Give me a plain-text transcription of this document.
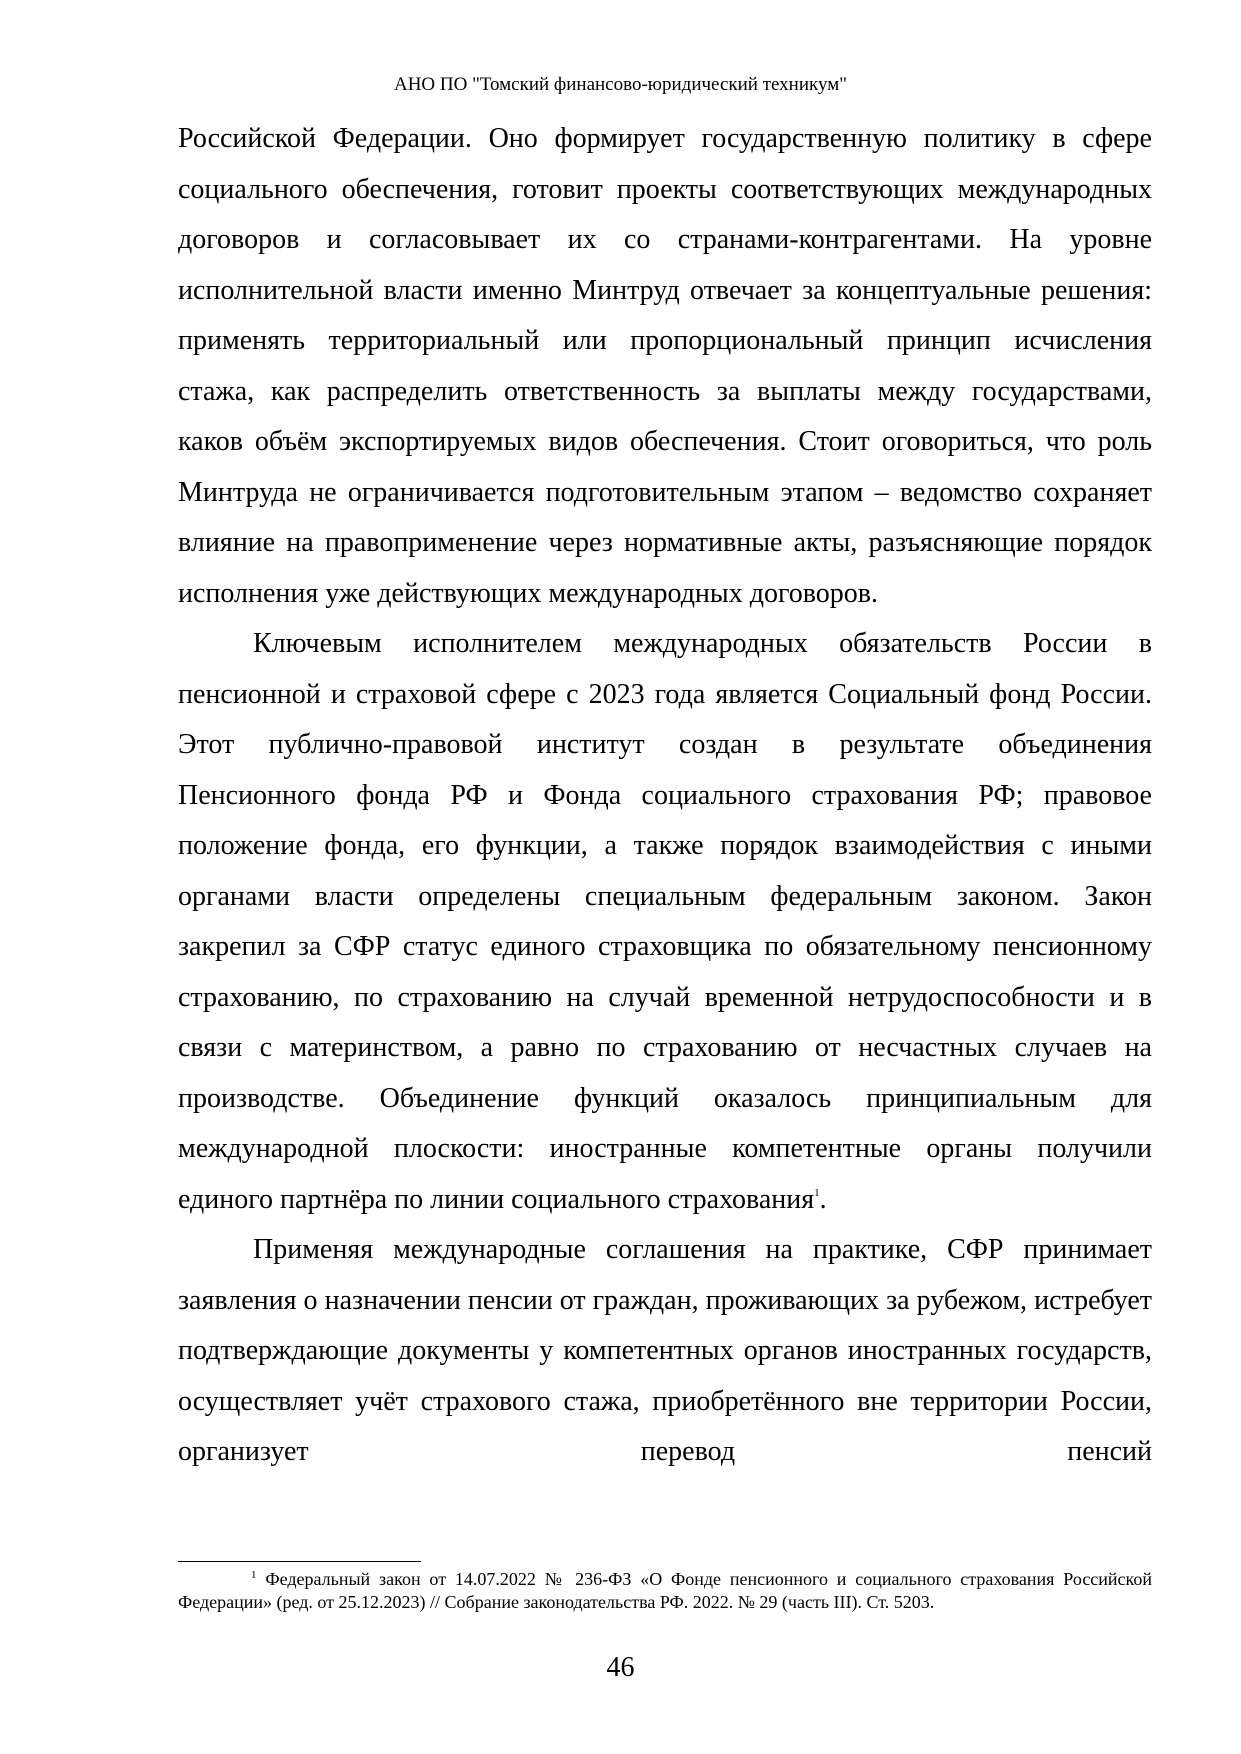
АНО ПО "Томский финансово-юридический техникум"

Российской Федерации. Оно формирует государственную политику в сфере социального обеспечения, готовит проекты соответствующих международных договоров и согласовывает их со странами-контрагентами. На уровне исполнительной власти именно Минтруд отвечает за концептуальные решения: применять территориальный или пропорциональный принцип исчисления стажа, как распределить ответственность за выплаты между государствами, каков объём экспортируемых видов обеспечения. Стоит оговориться, что роль Минтруда не ограничивается подготовительным этапом – ведомство сохраняет влияние на правоприменение через нормативные акты, разъясняющие порядок исполнения уже действующих международных договоров.

Ключевым исполнителем международных обязательств России в пенсионной и страховой сфере с 2023 года является Социальный фонд России. Этот публично-правовой институт создан в результате объединения Пенсионного фонда РФ и Фонда социального страхования РФ; правовое положение фонда, его функции, а также порядок взаимодействия с иными органами власти определены специальным федеральным законом. Закон закрепил за СФР статус единого страховщика по обязательному пенсионному страхованию, по страхованию на случай временной нетрудоспособности и в связи с материнством, а равно по страхованию от несчастных случаев на производстве. Объединение функций оказалось принципиальным для международной плоскости: иностранные компетентные органы получили единого партнёра по линии социального страхования$^1$.

Применяя международные соглашения на практике, СФР принимает заявления о назначении пенсии от граждан, проживающих за рубежом, истребует подтверждающие документы у компетентных органов иностранных государств, осуществляет учёт страхового стажа, приобретённого вне территории России, организует перевод пенсий

$^1$ Федеральный закон от 14.07.2022 № 236-ФЗ «О Фонде пенсионного и социального страхования Российской Федерации» (ред. от 25.12.2023) // Собрание законодательства РФ. 2022. № 29 (часть III). Ст. 5203.
46
